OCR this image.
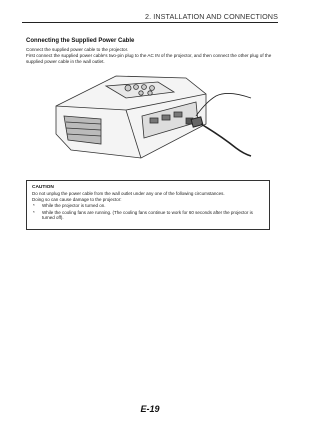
2. INSTALLATION AND CONNECTIONS
Connecting the Supplied Power Cable
Connect the supplied power cable to the projector.
First connect the supplied power cable's two-pin plug to the AC IN of the projector, and then connect the other plug of the supplied power cable in the wall outlet.
CAUTION
Do not unplug the power cable from the wall outlet under any one of the following circumstances.
Doing so can cause damage to the projector:
*	While the projector is turned on.
*	While the cooling fans are running. (The cooling fans continue to work for 60 seconds after the projector is turned off).
E-19
